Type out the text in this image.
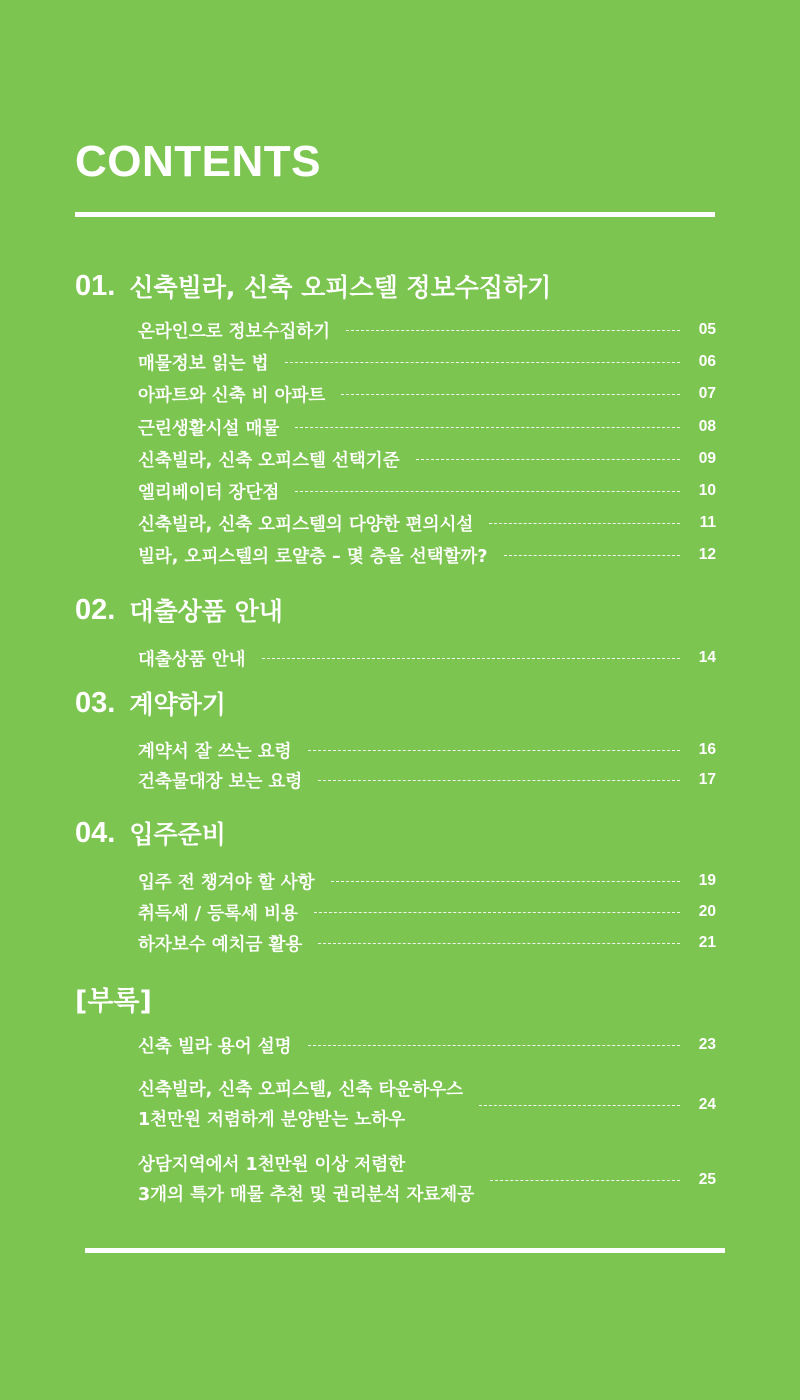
CONTENTS
01. 신축빌라, 신축 오피스텔 정보수집하기
온라인으로 정보수집하기	05
매물정보 읽는 법	06
아파트와 신축 비 아파트	07
근린생활시설 매물	08
신축빌라, 신축 오피스텔 선택기준	09
엘리베이터 장단점	10
신축빌라, 신축 오피스텔의 다양한 편의시설	11
빌라, 오피스텔의 로얄층 – 몇 층을 선택할까?	12
02. 대출상품 안내
대출상품 안내	14
03. 계약하기
계약서 잘 쓰는 요령	16
건축물대장 보는 요령	17
04. 입주준비
입주 전 챙겨야 할 사항	19
취득세 / 등록세 비용	20
하자보수 예치금 활용	21
[부록]
신축 빌라 용어 설명	23
신축빌라, 신축 오피스텔, 신축 타운하우스
1천만원 저렴하게 분양받는 노하우
24
상담지역에서 1천만원 이상 저렴한
3개의 특가 매물 추천 및 권리분석 자료제공
25
